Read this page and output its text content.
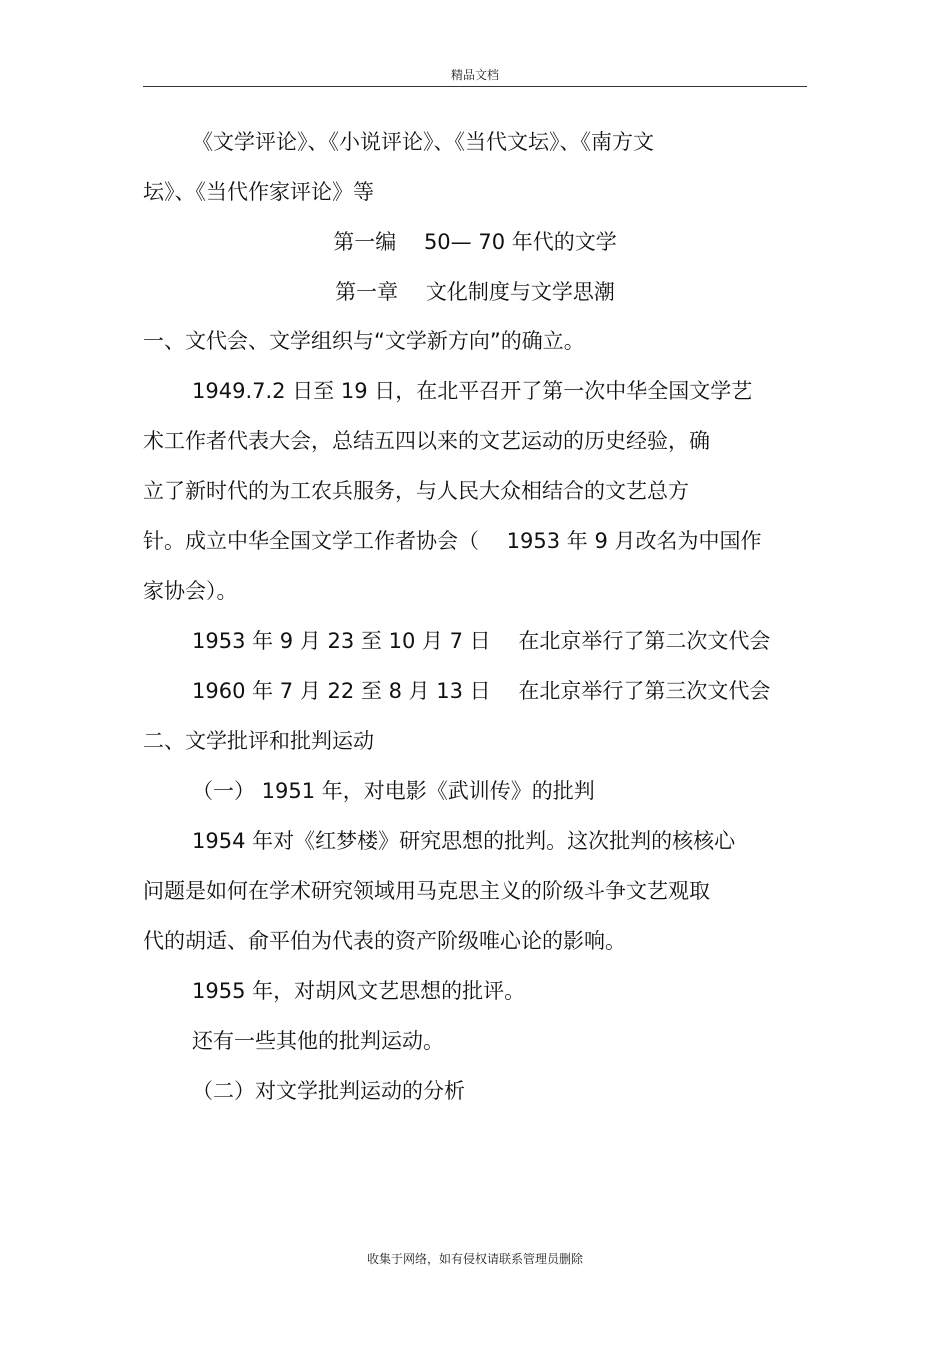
精品文档
《文学评论》、《小说评论》、《当代文坛》、《南方文
坛》、《当代作家评论》等
第一编　 50— 70 年代的文学
第一章　 文化制度与文学思潮
一、文代会、文学组织与“文学新方向”的确立。
1949.7.2 日至 19 日，在北平召开了第一次中华全国文学艺
术工作者代表大会，总结五四以来的文艺运动的历史经验，确
立了新时代的为工农兵服务，与人民大众相结合的文艺总方
针。成立中华全国文学工作者协会（　 1953 年 9 月改名为中国作
家协会）。
1953 年 9 月 23 至 10 月 7 日　 在北京举行了第二次文代会
1960 年 7 月 22 至 8 月 13 日　 在北京举行了第三次文代会
二、文学批评和批判运动
（一） 1951 年，对电影《武训传》的批判
1954 年对《红梦楼》研究思想的批判。这次批判的核核心
问题是如何在学术研究领域用马克思主义的阶级斗争文艺观取
代的胡适、俞平伯为代表的资产阶级唯心论的影响。
1955 年，对胡风文艺思想的批评。
还有一些其他的批判运动。
（二）对文学批判运动的分析
收集于网络，如有侵权请联系管理员删除
